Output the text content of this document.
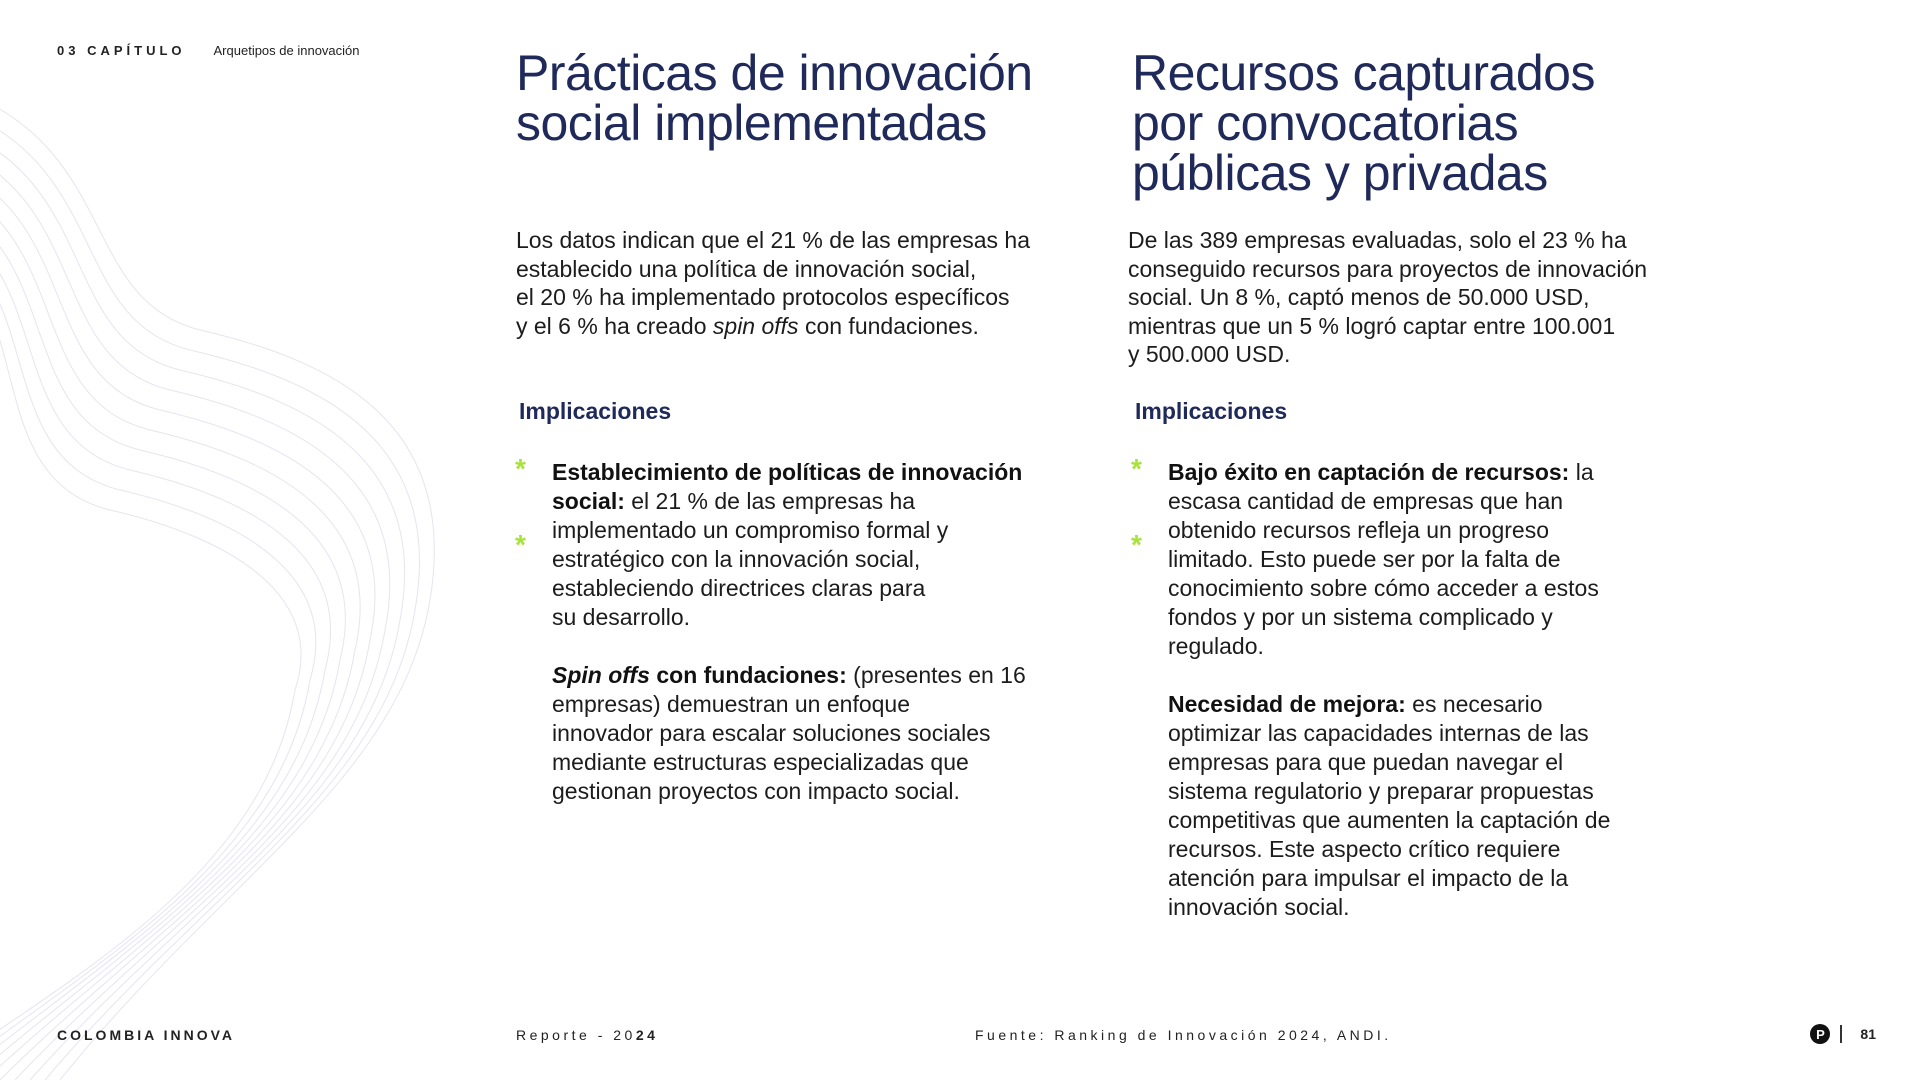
03 CAPÍTULO Arquetipos de innovación	Prácticas de innovación
social implementadas
Los datos indican que el 21 % de las empresas ha
establecido una política de innovación social,
el 20 % ha implementado protocolos específicos
y el 6 % ha creado spin offs con fundaciones.
Implicaciones
*
*

Establecimiento de políticas de innovación
social: el 21 % de las empresas ha
implementado un compromiso formal y
estratégico con la innovación social,
estableciendo directrices claras para
su desarrollo.

Spin offs con fundaciones: (presentes en 16
empresas) demuestran un enfoque
innovador para escalar soluciones sociales
mediante estructuras especializadas que
gestionan proyectos con impacto social.

Recursos capturados
por convocatorias
públicas y privadas
De las 389 empresas evaluadas, solo el 23 % ha
conseguido recursos para proyectos de innovación
social. Un 8 %, captó menos de 50.000 USD,
mientras que un 5 % logró captar entre 100.001
y 500.000 USD.
Implicaciones
*
*

Bajo éxito en captación de recursos: la
escasa cantidad de empresas que han
obtenido recursos refleja un progreso
limitado. Esto puede ser por la falta de
conocimiento sobre cómo acceder a estos
fondos y por un sistema complicado y
regulado.

Necesidad de mejora: es necesario
optimizar las capacidades internas de las
empresas para que puedan navegar el
sistema regulatorio y preparar propuestas
competitivas que aumenten la captación de
recursos. Este aspecto crítico requiere
atención para impulsar el impacto de la
innovación social.

COLOMBIA INNOVA	Reporte - 2024	Fuente: Ranking de Innovación 2024, ANDI.	P	81
